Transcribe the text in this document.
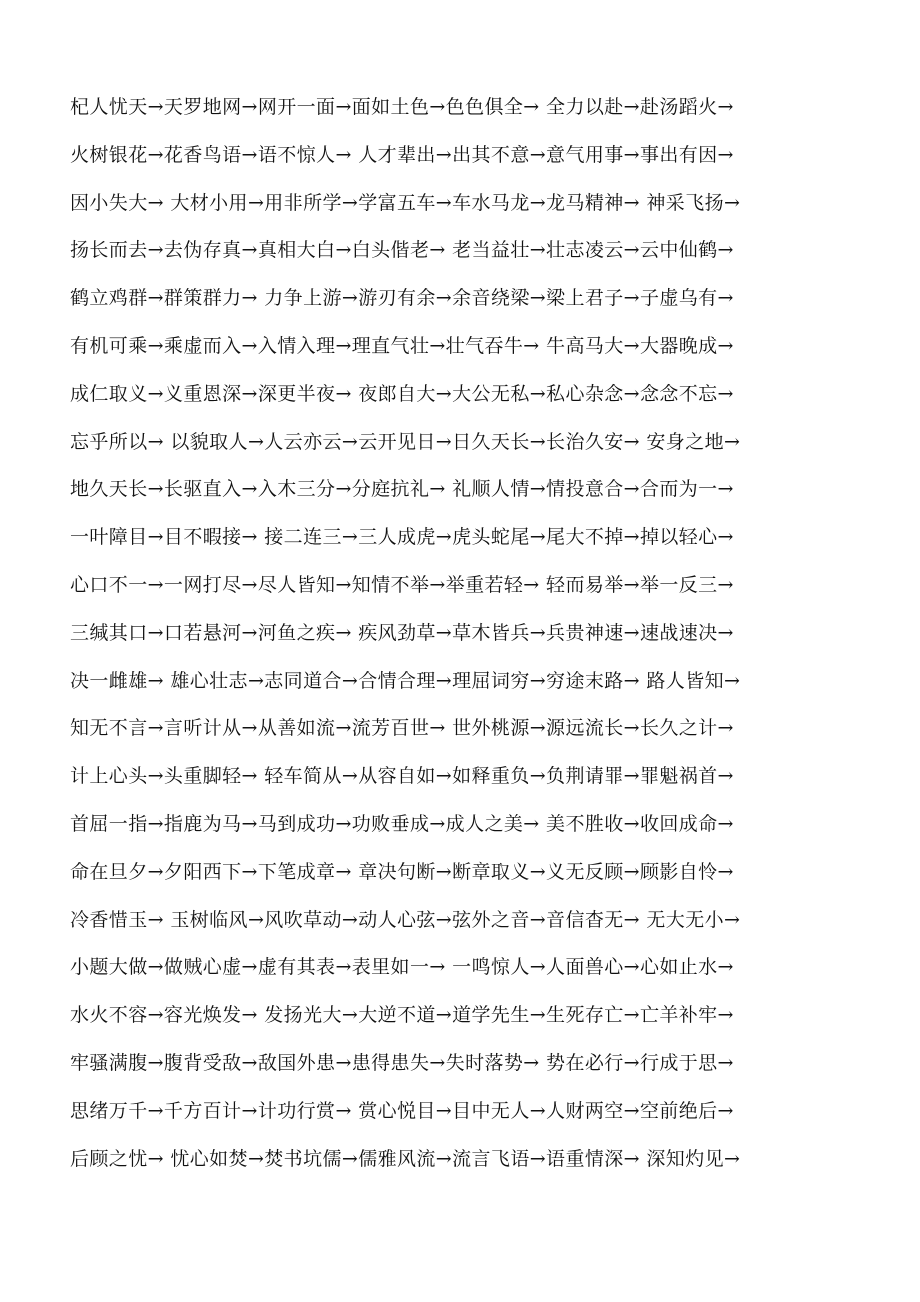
杞人忧天→天罗地网→网开一面→面如土色→色色俱全→ 全力以赴→赴汤蹈火→
火树银花→花香鸟语→语不惊人→ 人才辈出→出其不意→意气用事→事出有因→
因小失大→ 大材小用→用非所学→学富五车→车水马龙→龙马精神→ 神采飞扬→
扬长而去→去伪存真→真相大白→白头偕老→ 老当益壮→壮志凌云→云中仙鹤→
鹤立鸡群→群策群力→ 力争上游→游刃有余→余音绕梁→梁上君子→子虚乌有→
有机可乘→乘虚而入→入情入理→理直气壮→壮气吞牛→ 牛高马大→大器晚成→
成仁取义→义重恩深→深更半夜→ 夜郎自大→大公无私→私心杂念→念念不忘→
忘乎所以→ 以貌取人→人云亦云→云开见日→日久天长→长治久安→ 安身之地→
地久天长→长驱直入→入木三分→分庭抗礼→ 礼顺人情→情投意合→合而为一→
一叶障目→目不暇接→ 接二连三→三人成虎→虎头蛇尾→尾大不掉→掉以轻心→
心口不一→一网打尽→尽人皆知→知情不举→举重若轻→ 轻而易举→举一反三→
三缄其口→口若悬河→河鱼之疾→ 疾风劲草→草木皆兵→兵贵神速→速战速决→
决一雌雄→ 雄心壮志→志同道合→合情合理→理屈词穷→穷途末路→ 路人皆知→
知无不言→言听计从→从善如流→流芳百世→ 世外桃源→源远流长→长久之计→
计上心头→头重脚轻→ 轻车简从→从容自如→如释重负→负荆请罪→罪魁祸首→
首屈一指→指鹿为马→马到成功→功败垂成→成人之美→ 美不胜收→收回成命→
命在旦夕→夕阳西下→下笔成章→ 章决句断→断章取义→义无反顾→顾影自怜→
冷香惜玉→ 玉树临风→风吹草动→动人心弦→弦外之音→音信杳无→ 无大无小→
小题大做→做贼心虚→虚有其表→表里如一→ 一鸣惊人→人面兽心→心如止水→
水火不容→容光焕发→ 发扬光大→大逆不道→道学先生→生死存亡→亡羊补牢→
牢骚满腹→腹背受敌→敌国外患→患得患失→失时落势→ 势在必行→行成于思→
思绪万千→千方百计→计功行赏→ 赏心悦目→目中无人→人财两空→空前绝后→
后顾之忧→ 忧心如焚→焚书坑儒→儒雅风流→流言飞语→语重情深→ 深知灼见→
